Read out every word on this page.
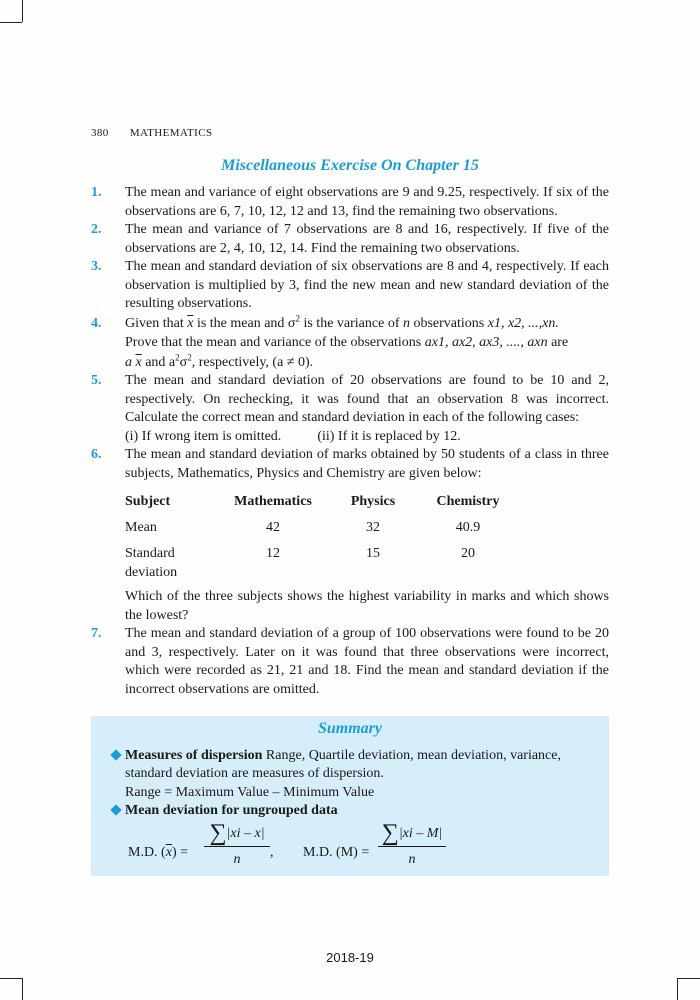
380 MATHEMATICS
Miscellaneous Exercise On Chapter 15
1. The mean and variance of eight observations are 9 and 9.25, respectively. If six of the observations are 6, 7, 10, 12, 12 and 13, find the remaining two observations.
2. The mean and variance of 7 observations are 8 and 16, respectively. If five of the observations are 2, 4, 10, 12, 14. Find the remaining two observations.
3. The mean and standard deviation of six observations are 8 and 4, respectively. If each observation is multiplied by 3, find the new mean and new standard deviation of the resulting observations.
4. Given that $\overline{x}$ is the mean and $\sigma^2$ is the variance of n observations x1, x2, ...,xn.
Prove that the mean and variance of the observations ax1, ax2, ax3, ...., axn are
a $\overline{x}$ and $a^2\sigma^2$, respectively, (a ≠ 0).
5. The mean and standard deviation of 20 observations are found to be 10 and 2, respectively. On rechecking, it was found that an observation 8 was incorrect. Calculate the correct mean and standard deviation in each of the following cases:
(i) If wrong item is omitted.	(ii) If it is replaced by 12.
6. The mean and standard deviation of marks obtained by 50 students of a class in three subjects, Mathematics, Physics and Chemistry are given below:
Subject	Mathematics	Physics	Chemistry
Mean	42	32	40.9
Standard deviation	12	15	20
Which of the three subjects shows the highest variability in marks and which shows the lowest?
7. The mean and standard deviation of a group of 100 observations were found to be 20 and 3, respectively. Later on it was found that three observations were incorrect, which were recorded as 21, 21 and 18. Find the mean and standard deviation if the incorrect observations are omitted.
Summary
Measures of dispersion Range, Quartile deviation, mean deviation, variance, standard deviation are measures of dispersion.
Range = Maximum Value – Minimum Value
Mean deviation for ungrouped data
M.D. $(\overline{x}) = \frac{\sum|xi - x|}{n}$ , M.D. $(M) = \frac{\sum|xi - M|}{n}$
2018-19
